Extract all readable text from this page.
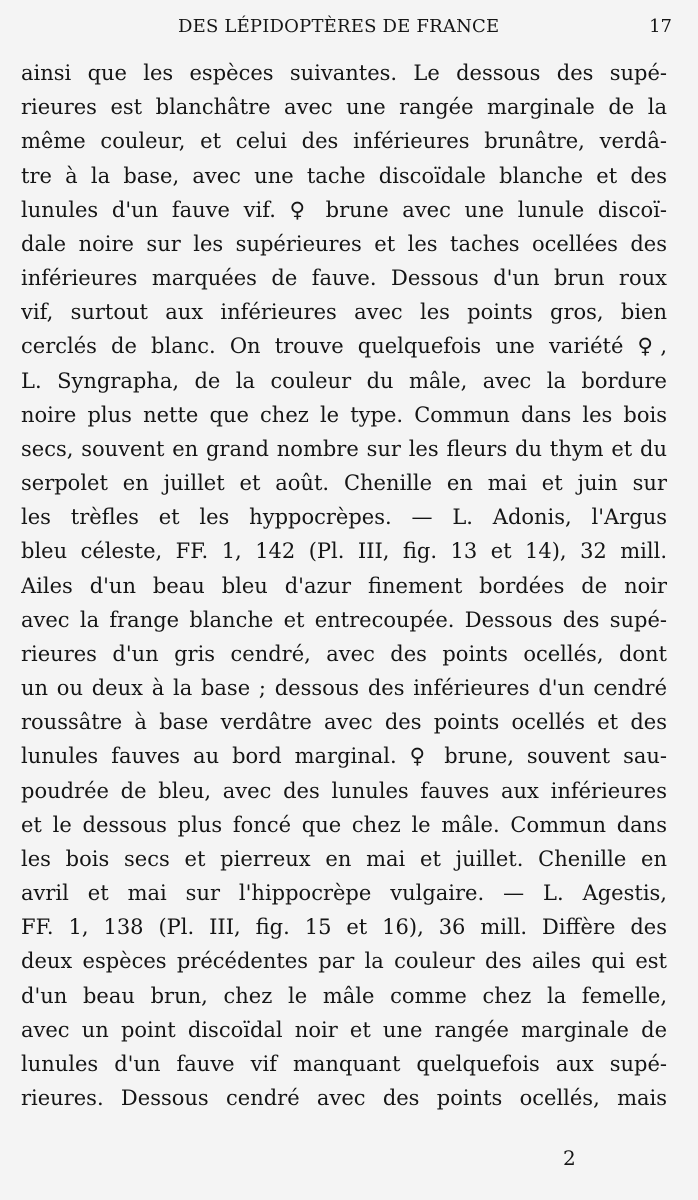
DES LÉPIDOPTÈRES DE FRANCE	17
ainsi que les espèces suivantes. Le dessous des supé-
rieures est blanchâtre avec une rangée marginale de la
même couleur, et celui des inférieures brunâtre, verdâ-
tre à la base, avec une tache discoïdale blanche et des
lunules d'un fauve vif. ♀ brune avec une lunule discoï-
dale noire sur les supérieures et les taches ocellées des
inférieures marquées de fauve. Dessous d'un brun roux
vif, surtout aux inférieures avec les points gros, bien
cerclés de blanc. On trouve quelquefois une variété ♀,
L. Syngrapha, de la couleur du mâle, avec la bordure
noire plus nette que chez le type. Commun dans les bois
secs, souvent en grand nombre sur les fleurs du thym et du
serpolet en juillet et août. Chenille en mai et juin sur
les trèfles et les hyppocrèpes. — L. Adonis, l'Argus
bleu céleste, FF. 1, 142 (Pl. III, fig. 13 et 14), 32 mill.
Ailes d'un beau bleu d'azur finement bordées de noir
avec la frange blanche et entrecoupée. Dessous des supé-
rieures d'un gris cendré, avec des points ocellés, dont
un ou deux à la base ; dessous des inférieures d'un cendré
roussâtre à base verdâtre avec des points ocellés et des
lunules fauves au bord marginal. ♀ brune, souvent sau-
poudrée de bleu, avec des lunules fauves aux inférieures
et le dessous plus foncé que chez le mâle. Commun dans
les bois secs et pierreux en mai et juillet. Chenille en
avril et mai sur l'hippocrèpe vulgaire. — L. Agestis,
FF. 1, 138 (Pl. III, fig. 15 et 16), 36 mill. Diffère des
deux espèces précédentes par la couleur des ailes qui est
d'un beau brun, chez le mâle comme chez la femelle,
avec un point discoïdal noir et une rangée marginale de
lunules d'un fauve vif manquant quelquefois aux supé-
rieures. Dessous cendré avec des points ocellés, mais
2
